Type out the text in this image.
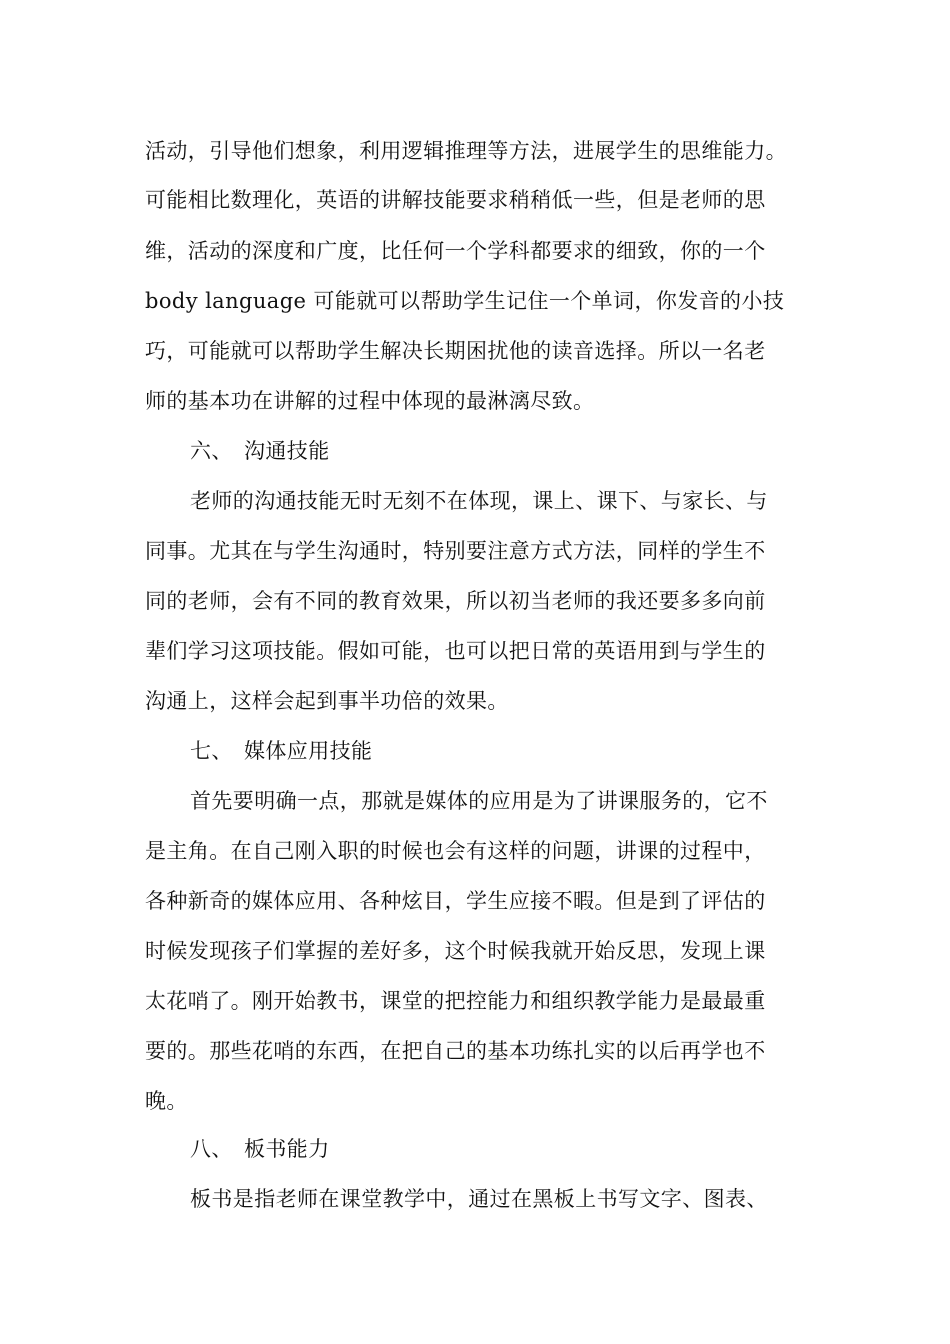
活动，引导他们想象，利用逻辑推理等方法，进展学生的思维能力。
可能相比数理化，英语的讲解技能要求稍稍低一些，但是老师的思
维，活动的深度和广度，比任何一个学科都要求的细致，你的一个
body language 可能就可以帮助学生记住一个单词，你发音的小技
巧，可能就可以帮助学生解决长期困扰他的读音选择。所以一名老
师的基本功在讲解的过程中体现的最淋漓尽致。
六、 沟通技能
老师的沟通技能无时无刻不在体现，课上、课下、与家长、与
同事。尤其在与学生沟通时，特别要注意方式方法，同样的学生不
同的老师，会有不同的教育效果，所以初当老师的我还要多多向前
辈们学习这项技能。假如可能，也可以把日常的英语用到与学生的
沟通上，这样会起到事半功倍的效果。
七、 媒体应用技能
首先要明确一点，那就是媒体的应用是为了讲课服务的，它不
是主角。在自己刚入职的时候也会有这样的问题，讲课的过程中，
各种新奇的媒体应用、各种炫目，学生应接不暇。但是到了评估的
时候发现孩子们掌握的差好多，这个时候我就开始反思，发现上课
太花哨了。刚开始教书，课堂的把控能力和组织教学能力是最最重
要的。那些花哨的东西，在把自己的基本功练扎实的以后再学也不
晚。
八、 板书能力
板书是指老师在课堂教学中，通过在黑板上书写文字、图表、
